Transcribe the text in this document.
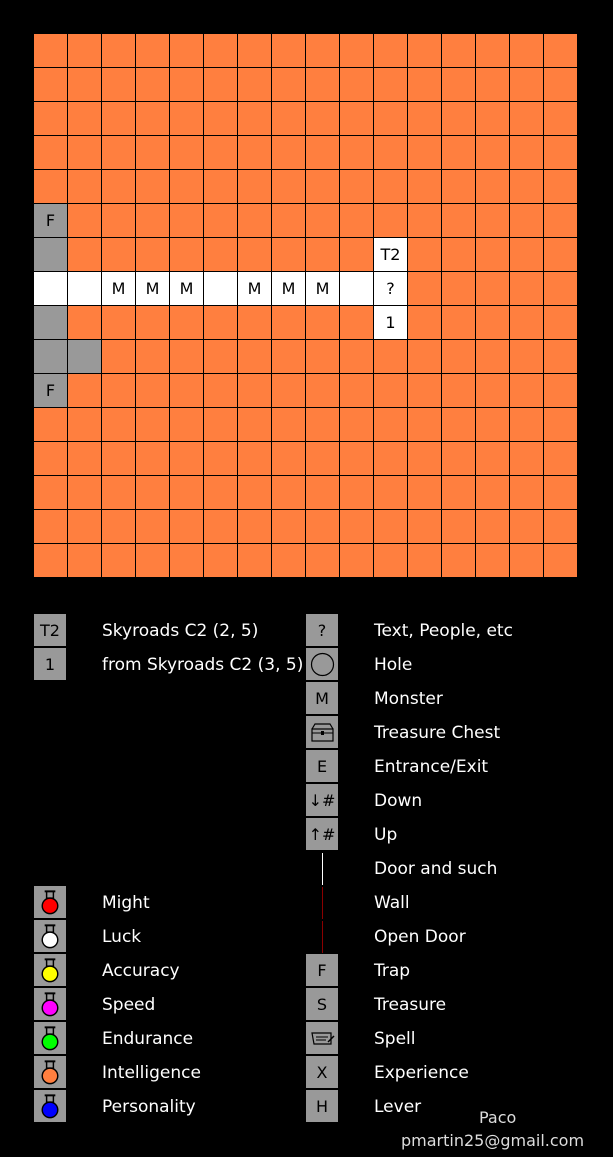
F
T2
M	M	M	M	M	M	?
1
F
T2	Skyroads C2 (2, 5)
1	from Skyroads C2 (3, 5)
Might
Luck
Accuracy
Speed
Endurance
Intelligence
Personality
?	Text, People, etc
Hole
M	Monster
Treasure Chest
E	Entrance/Exit
↓# Down
↑# Up
Door and such
Wall
Open Door
F	Trap
S	Treasure
Spell
X	Experience
H	Lever
Paco
pmartin25@gmail.com
